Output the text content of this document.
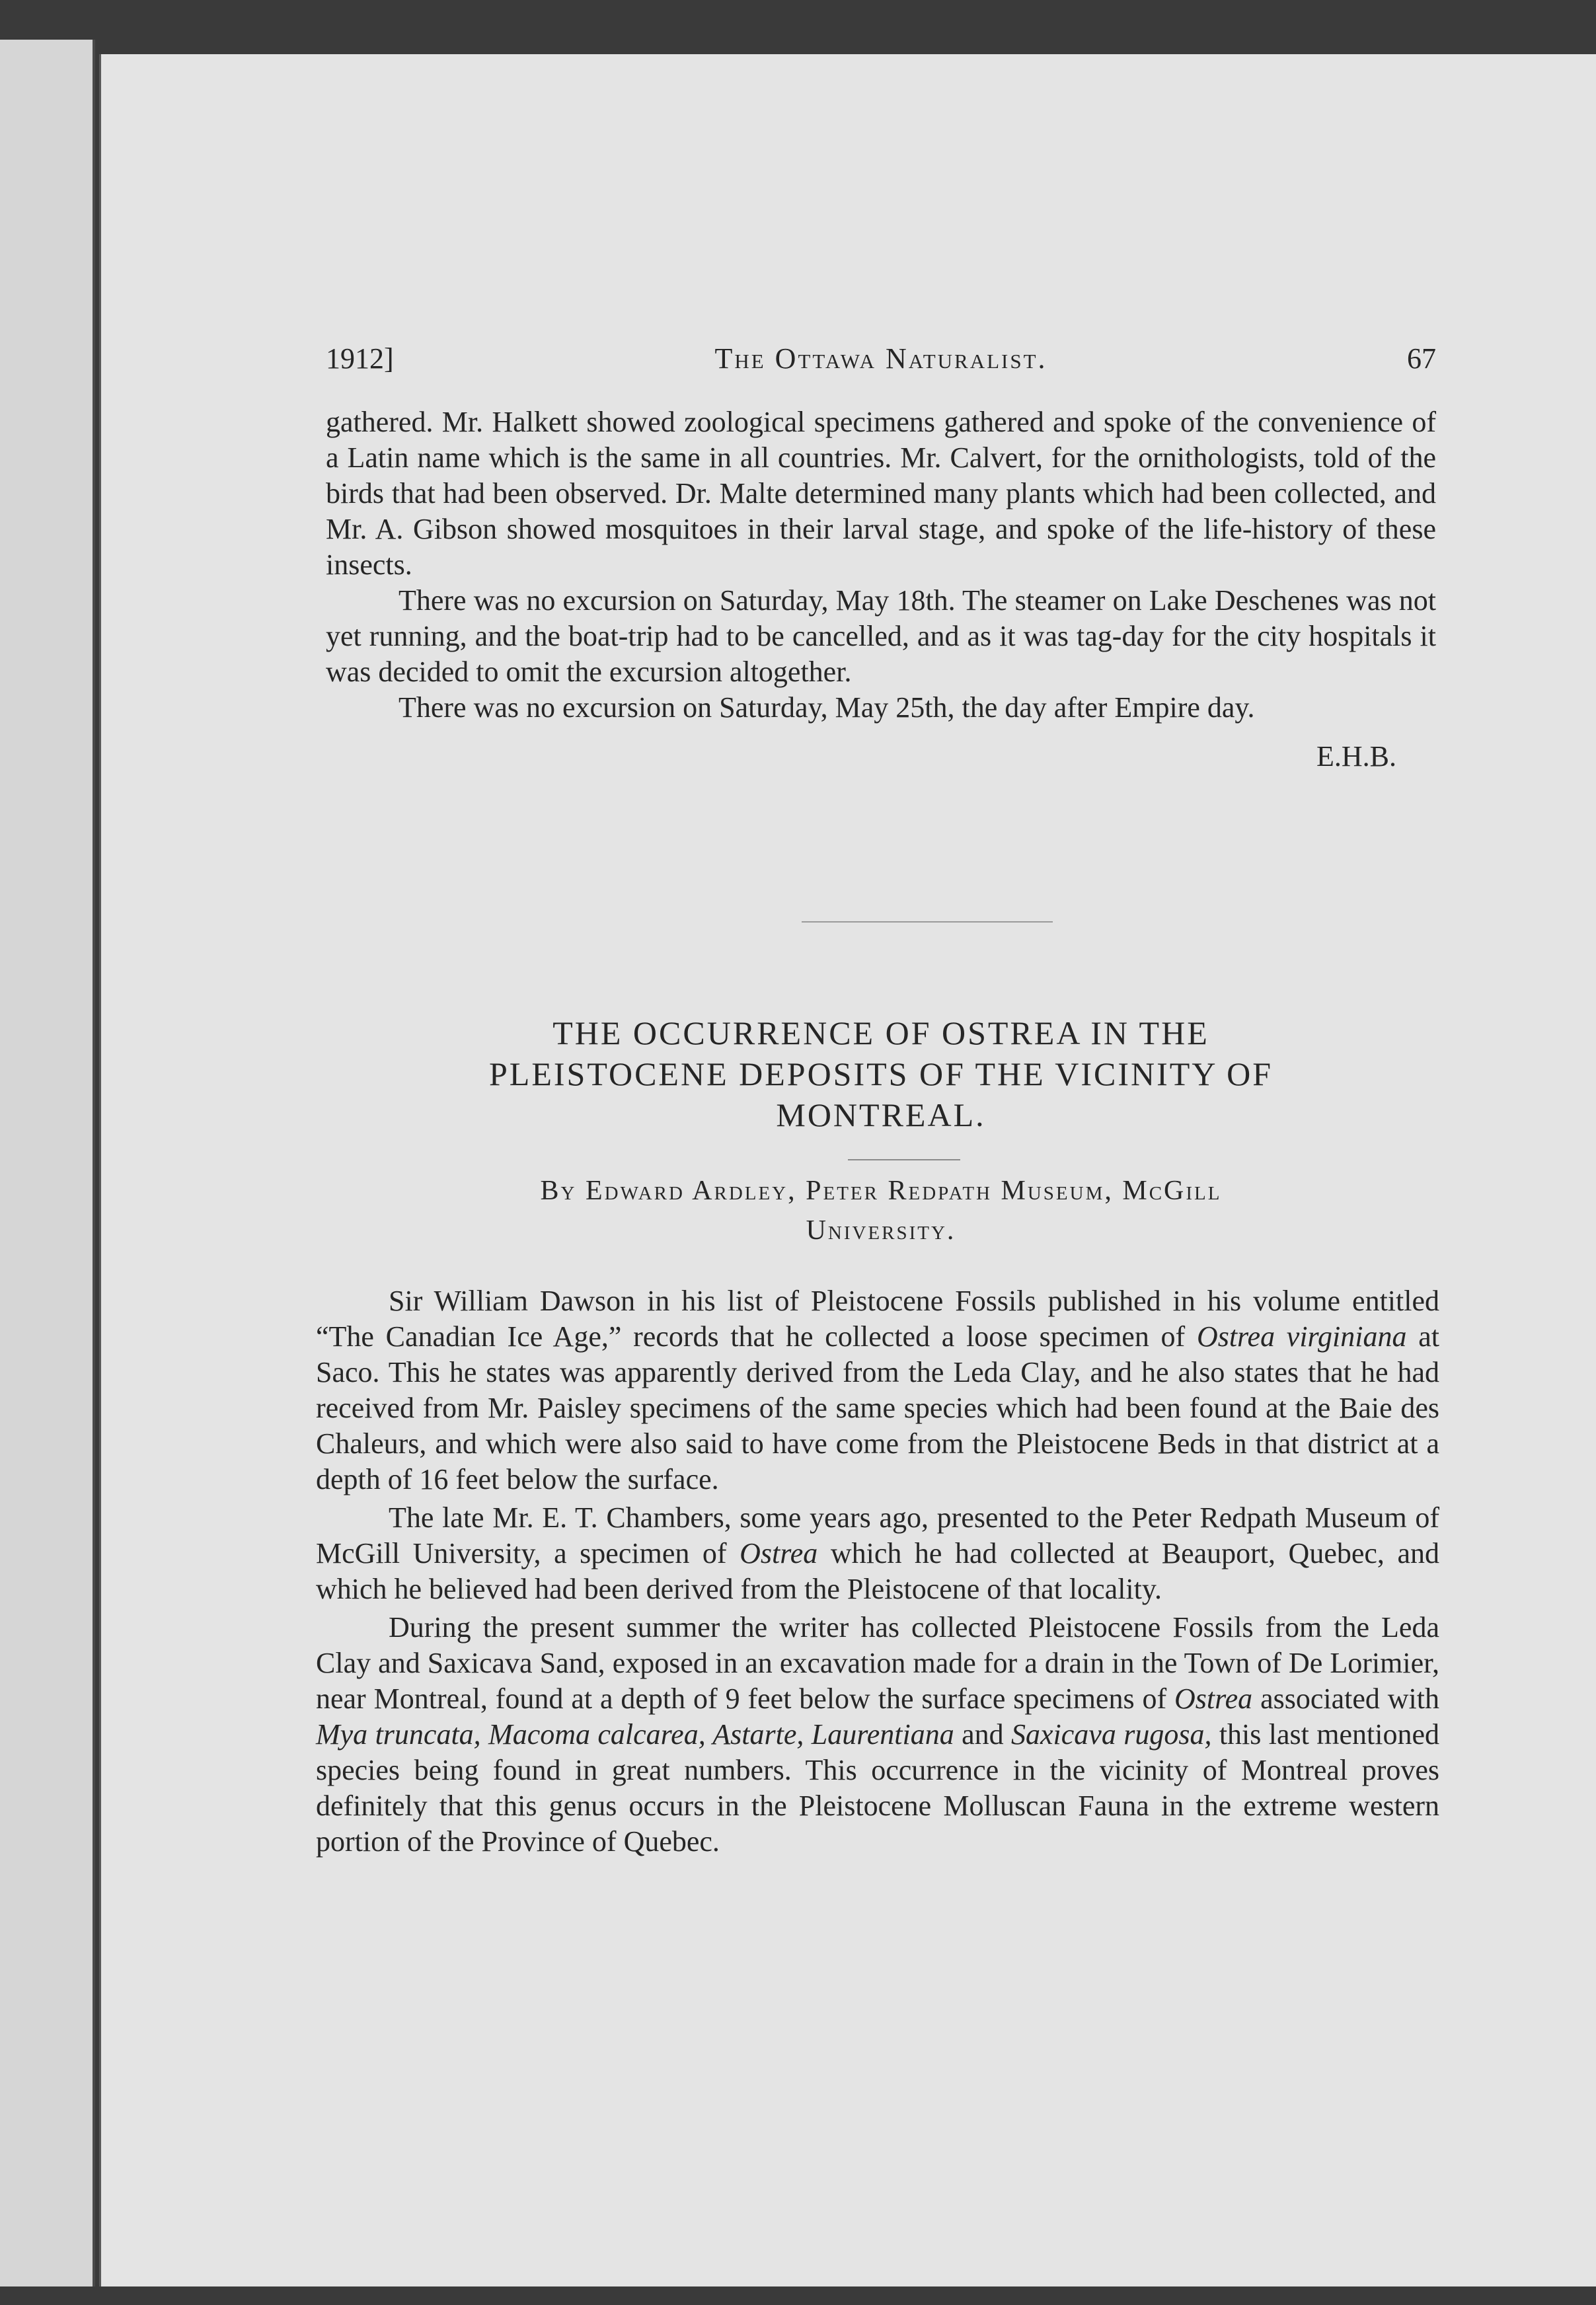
1912]	The Ottawa Naturalist.	67

gathered. Mr. Halkett showed zoological specimens gathered and spoke of the convenience of a Latin name which is the same in all countries. Mr. Calvert, for the ornithologists, told of the birds that had been observed. Dr. Malte determined many plants which had been collected, and Mr. A. Gibson showed mosquitoes in their larval stage, and spoke of the life-history of these insects.

There was no excursion on Saturday, May 18th. The steamer on Lake Deschenes was not yet running, and the boat-trip had to be cancelled, and as it was tag-day for the city hospitals it was decided to omit the excursion altogether.

There was no excursion on Saturday, May 25th, the day after Empire day.

E.H.B.

THE OCCURRENCE OF OSTREA IN THE
PLEISTOCENE DEPOSITS OF THE VICINITY OF
MONTREAL.
By Edward Ardley, Peter Redpath Museum, McGill
University.

Sir William Dawson in his list of Pleistocene Fossils published in his volume entitled “The Canadian Ice Age,” records that he collected a loose specimen of Ostrea virginiana at Saco. This he states was apparently derived from the Leda Clay, and he also states that he had received from Mr. Paisley specimens of the same species which had been found at the Baie des Chaleurs, and which were also said to have come from the Pleistocene Beds in that district at a depth of 16 feet below the surface.

The late Mr. E. T. Chambers, some years ago, presented to the Peter Redpath Museum of McGill University, a specimen of Ostrea which he had collected at Beauport, Quebec, and which he believed had been derived from the Pleistocene of that locality.

During the present summer the writer has collected Pleistocene Fossils from the Leda Clay and Saxicava Sand, exposed in an excavation made for a drain in the Town of De Lorimier, near Montreal, found at a depth of 9 feet below the surface specimens of Ostrea associated with Mya truncata, Macoma calcarea, Astarte, Laurentiana and Saxicava rugosa, this last mentioned species being found in great numbers. This occurrence in the vicinity of Montreal proves definitely that this genus occurs in the Pleistocene Molluscan Fauna in the extreme western portion of the Province of Quebec.
